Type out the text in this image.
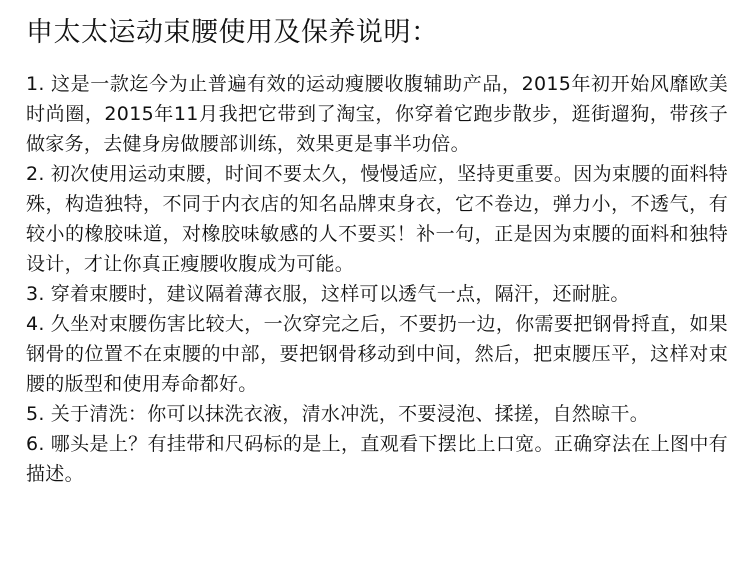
申太太运动束腰使用及保养说明：

1. 这是一款迄今为止普遍有效的运动瘦腰收腹辅助产品，2015年初开始风靡欧美时尚圈，2015年11月我把它带到了淘宝，你穿着它跑步散步，逛街遛狗，带孩子做家务，去健身房做腰部训练，效果更是事半功倍。

2. 初次使用运动束腰，时间不要太久，慢慢适应，坚持更重要。因为束腰的面料特殊，构造独特，不同于内衣店的知名品牌束身衣，它不卷边，弹力小，不透气，有较小的橡胶味道，对橡胶味敏感的人不要买！补一句，正是因为束腰的面料和独特设计，才让你真正瘦腰收腹成为可能。

3. 穿着束腰时，建议隔着薄衣服，这样可以透气一点，隔汗，还耐脏。

4. 久坐对束腰伤害比较大，一次穿完之后，不要扔一边，你需要把钢骨捋直，如果钢骨的位置不在束腰的中部，要把钢骨移动到中间，然后，把束腰压平，这样对束腰的版型和使用寿命都好。

5. 关于清洗：你可以抹洗衣液，清水冲洗，不要浸泡、揉搓，自然晾干。

6. 哪头是上？有挂带和尺码标的是上，直观看下摆比上口宽。正确穿法在上图中有描述。
